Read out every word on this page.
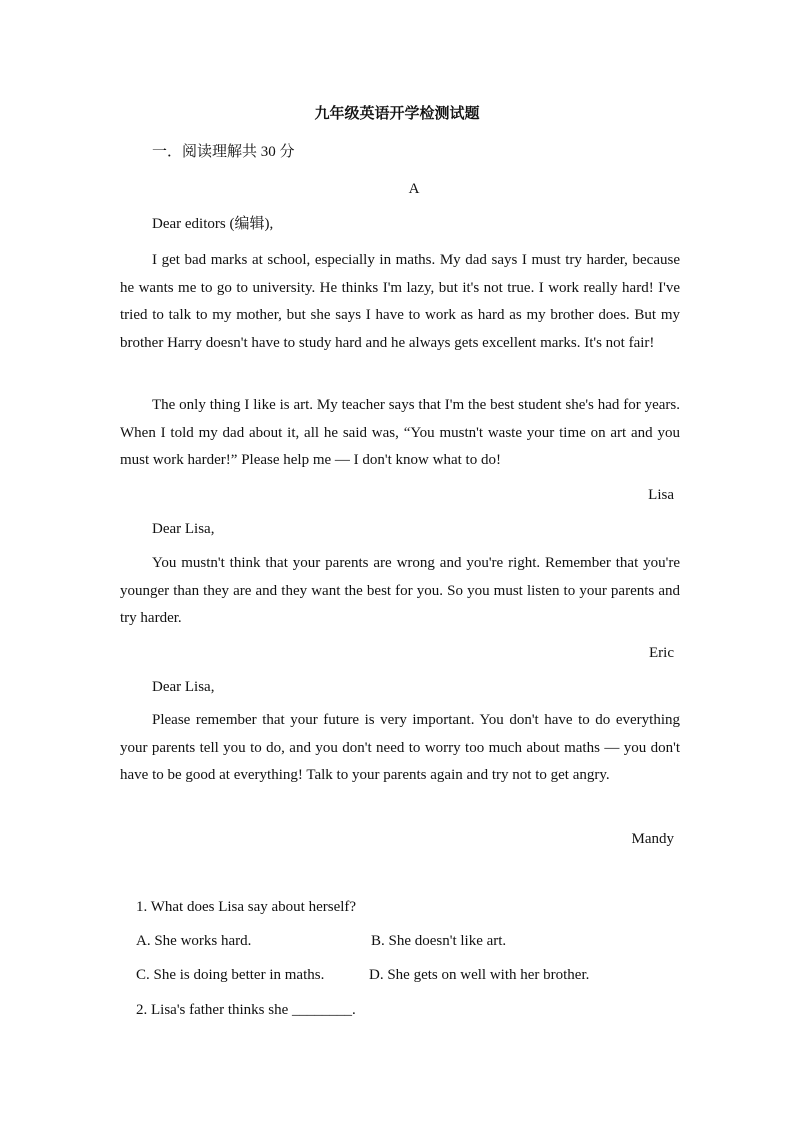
九年级英语开学检测试题
一．阅读理解共 30 分
A
Dear editors (编辑),
I get bad marks at school, especially in maths. My dad says I must try harder, because he wants me to go to university. He thinks I'm lazy, but it's not true. I work really hard! I've tried to talk to my mother, but she says I have to work as hard as my brother does. But my brother Harry doesn't have to study hard and he always gets excellent marks. It's not fair!
The only thing I like is art. My teacher says that I'm the best student she's had for years. When I told my dad about it, all he said was, “You mustn't waste your time on art and you must work harder!” Please help me — I don't know what to do!
Lisa
Dear Lisa,
You mustn't think that your parents are wrong and you're right. Remember that you're younger than they are and they want the best for you. So you must listen to your parents and try harder.
Eric
Dear Lisa,
Please remember that your future is very important. You don't have to do everything your parents tell you to do, and you don't need to worry too much about maths — you don't have to be good at everything! Talk to your parents again and try not to get angry.
Mandy
1. What does Lisa say about herself?
A. She works hard.	B. She doesn't like art.
C. She is doing better in maths.	D. She gets on well with her brother.
2. Lisa's father thinks she ________.
